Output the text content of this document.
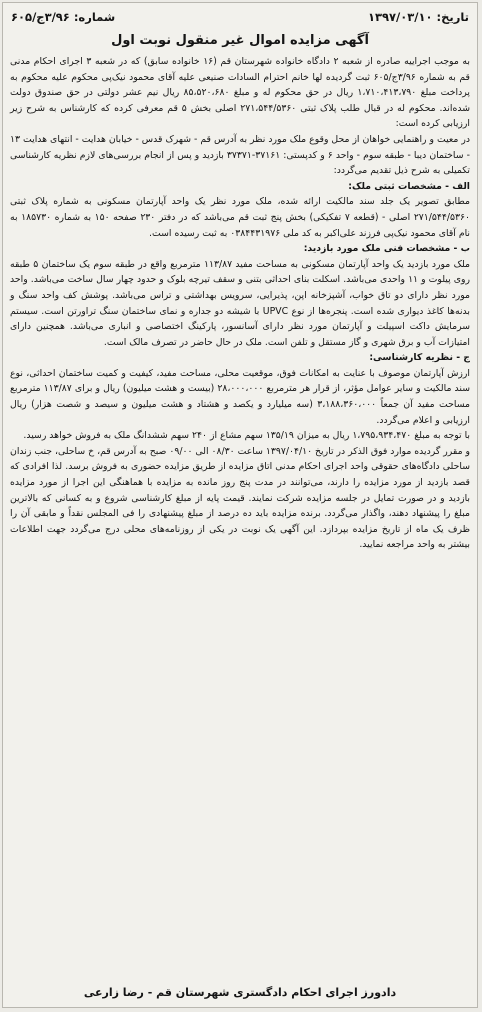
تاریخ: ۱۳۹۷/۰۳/۱۰
شماره: ۳/۹۶ج/۶۰۵
آگهی مزایده اموال غیر منقول نوبت اول

به موجب اجراییه صادره از شعبه ۲ دادگاه خانواده شهرستان قم (۱۶ خانواده سابق) که در شعبه ۳ اجرای احکام مدنی قم به شماره ۳/۹۶ج/۶۰۵ ثبت گردیده لها خانم احترام السادات صنیعی علیه آقای محمود نیک‌پی محکوم علیه محکوم به پرداخت مبلغ ۱،۷۱۰،۴۱۳،۷۹۰ ریال در حق محکوم له و مبلغ ۸۵،۵۲۰،۶۸۰ ریال نیم عشر دولتی در حق صندوق دولت شده‌اند. محکوم له در قبال طلب پلاک ثبتی ۲۷۱،۵۴۴/۵۳۶۰ اصلی بخش ۵ قم معرفی کرده که کارشناس به شرح زیر ارزیابی کرده است:

در معیت و راهنمایی خواهان از محل وقوع ملک مورد نظر به آدرس قم - شهرک قدس - خیابان هدایت - انتهای هدایت ۱۳ - ساختمان دیبا - طبقه سوم - واحد ۶ و کدپستی: ۳۷۱۶۱-۳۷۳۷۱ بازدید و پس از انجام بررسی‌های لازم نظریه کارشناسی تکمیلی به شرح ذیل تقدیم می‌گردد:

الف - مشخصات ثبتی ملک:

مطابق تصویر یک جلد سند مالکیت ارائه شده، ملک مورد نظر یک واحد آپارتمان مسکونی به شماره پلاک ثبتی ۲۷۱/۵۴۴/۵۳۶۰ اصلی - (قطعه ۷ تفکیکی) بخش پنج ثبت قم می‌باشد که در دفتر ۲۳۰ صفحه ۱۵۰ به شماره ۱۸۵۷۳۰ به نام آقای محمود نیک‌پی فرزند علی‌اکبر به کد ملی ۰۳۸۴۴۳۱۹۷۶ به ثبت رسیده است.

ب - مشخصات فنی ملک مورد بازدید:

ملک مورد بازدید یک واحد آپارتمان مسکونی به مساحت مفید ۱۱۳/۸۷ مترمربع واقع در طبقه سوم یک ساختمان ۵ طبقه روی پیلوت و ۱۱ واحدی می‌باشد. اسکلت بنای احداثی بتنی و سقف تیرچه بلوک و حدود چهار سال ساخت می‌باشد. واحد مورد نظر دارای دو تاق خواب، آشپزخانه اپن، پذیرایی، سرویس بهداشتی و تراس می‌باشد. پوشش کف واحد سنگ و بدنه‌ها کاغذ دیواری شده است. پنجره‌ها از نوع UPVC با شیشه دو جداره و نمای ساختمان سنگ تراورتن است. سیستم سرمایش داکت اسپیلت و آپارتمان مورد نظر دارای آسانسور، پارکینگ اختصاصی و انباری می‌باشد. همچنین دارای امتیازات آب و برق شهری و گاز مستقل و تلفن است. ملک در حال حاضر در تصرف مالک است.

ج - نظریه کارشناسی:

ارزش آپارتمان موصوف با عنایت به امکانات فوق، موقعیت محلی، مساحت مفید، کیفیت و کمیت ساختمان احداثی، نوع سند مالکیت و سایر عوامل مؤثر، از قرار هر مترمربع ۲۸،۰۰۰،۰۰۰ (بیست و هشت میلیون) ریال و برای ۱۱۳/۸۷ مترمربع مساحت مفید آن جمعاً ۳،۱۸۸،۳۶۰،۰۰۰ (سه میلیارد و یکصد و هشتاد و هشت میلیون و سیصد و شصت هزار) ریال ارزیابی و اعلام می‌گردد.

با توجه به مبلغ ۱،۷۹۵،۹۳۴،۴۷۰ ریال به میزان ۱۳۵/۱۹ سهم مشاع از ۲۴۰ سهم ششدانگ ملک به فروش خواهد رسید.

و مقرر گردیده موارد فوق الذکر در تاریخ ۱۳۹۷/۰۴/۱۰ ساعت ۰۸/۳۰ الی ۰۹/۰۰ صبح به آدرس قم، خ ساحلی، جنب زندان ساحلی دادگاه‌های حقوقی واحد اجرای احکام مدنی اتاق مزایده از طریق مزایده حضوری به فروش برسد. لذا افرادی که قصد بازدید از مورد مزایده را دارند، می‌توانند در مدت پنج روز مانده به مزایده با هماهنگی این اجرا از مورد مزایده بازدید و در صورت تمایل در جلسه مزایده شرکت نمایند. قیمت پایه از مبلغ کارشناسی شروع و به کسانی که بالاترین مبلغ را پیشنهاد دهند، واگذار می‌گردد. برنده مزایده باید ده درصد از مبلغ پیشنهادی را فی المجلس نقداً و مابقی آن را ظرف یک ماه از تاریخ مزایده بپردازد. این آگهی یک نوبت در یکی از روزنامه‌های محلی درج می‌گردد جهت اطلاعات بیشتر به واحد مراجعه نمایید.

دادورز اجرای احکام دادگستری شهرستان قم - رضا زارعی
